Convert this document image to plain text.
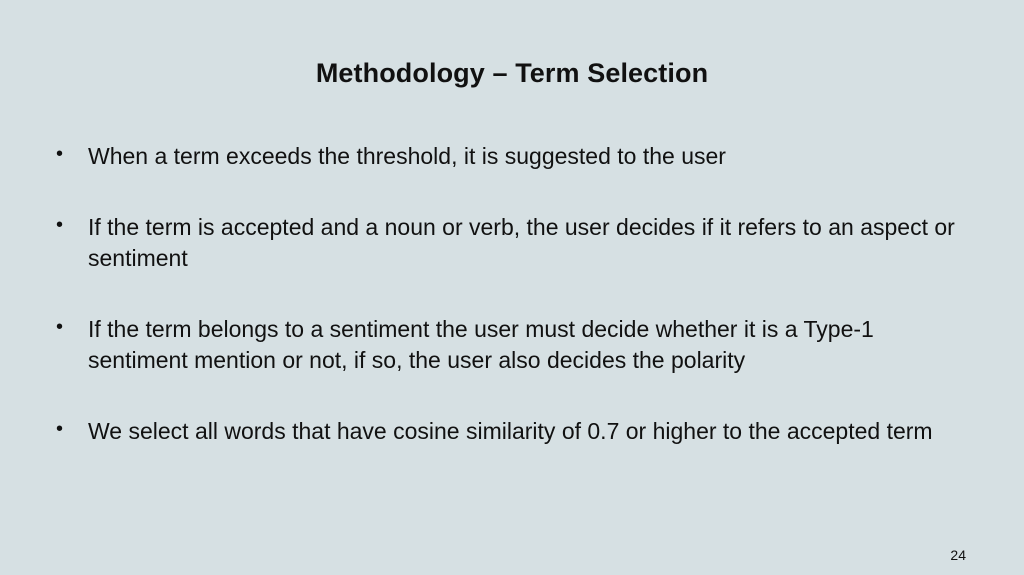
Methodology – Term Selection
• When a term exceeds the threshold, it is suggested to the user
• If the term is accepted and a noun or verb, the user decides if it refers to an aspect or sentiment
• If the term belongs to a sentiment the user must decide whether it is a Type-1 sentiment mention or not, if so, the user also decides the polarity
• We select all words that have cosine similarity of 0.7 or higher to the accepted term
24
